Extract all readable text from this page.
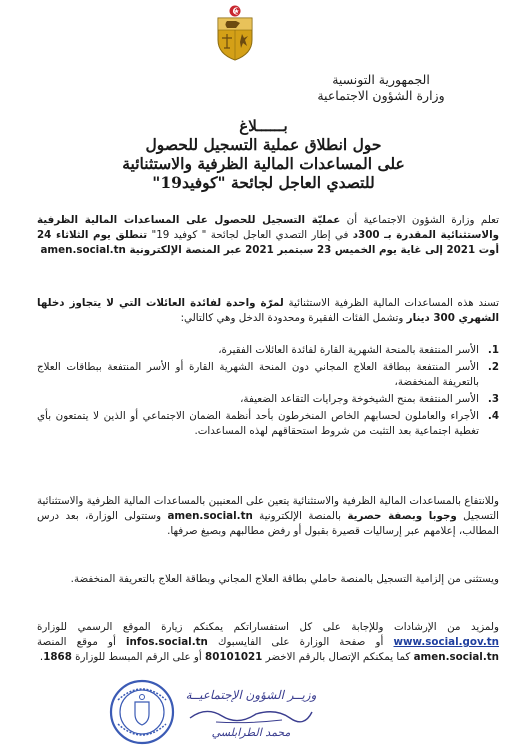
الجمهورية التونسية
وزارة الشؤون الاجتماعية
بــــــلاغ
حول انطلاق عملية التسجيل للحصول
على المساعدات المالية الظرفية والاستثنائية
للتصدي العاجل لجائحة "كوفيد19"

تعلم وزارة الشؤون الاجتماعية أن عمليّة التسجيل للحصول على المساعدات المالية الظرفية والاستثنائية المقدرة بـ 300د في إطار التصدي العاجل لجائحة " كوفيد 19" تنطلق يوم الثلاثاء 24 أوت 2021 إلى غاية يوم الخميس 23 سبتمبر 2021 عبر المنصة الإلكترونية amen.social.tn

تسند هذه المساعدات المالية الظرفية الاستثنائية لمرّة واحدة لفائدة العائلات التي لا يتجاوز دخلها الشهري 300 دينار وتشمل الفئات الفقيرة ومحدودة الدخل وهي كالتالي:

1.
الأسر المنتفعة بالمنحة الشهرية القارة لفائدة العائلات الفقيرة،
2.
الأسر المنتفعة ببطاقة العلاج المجاني دون المنحة الشهرية القارة أو الأسر المنتفعة ببطاقات العلاج بالتعريفة المنخفضة،
3.
الأسر المنتفعة بمنح الشيخوخة وجرايات التقاعد الضعيفة،
4.
الأجراء والعاملون لحسابهم الخاص المنخرطون بأحد أنظمة الضمان الاجتماعي أو الذين لا يتمتعون بأي تغطية اجتماعية بعد التثبت من شروط استحقاقهم لهذه المساعدات.

وللانتفاع بالمساعدات المالية الظرفية والاستثنائية يتعين على المعنيين بالمساعدات المالية الظرفية والاستثنائية التسجيل وجوبا وبصفة حصرية بالمنصة الإلكترونية amen.social.tn وستتولى الوزارة، بعد درس المطالب، إعلامهم عبر إرساليات قصيرة بقبول أو رفض مطالبهم وبصيغ صرفها.

ويستثنى من إلزامية التسجيل بالمنصة حاملي بطاقة العلاج المجاني وبطاقة العلاج بالتعريفة المنخفضة.

ولمزيد من الإرشادات وللإجابة على كل استفساراتكم يمكنكم زيارة الموقع الرسمي للوزارة www.social.gov.tn أو صفحة الوزارة على الفايسبوك infos.social.tn أو موقع المنصة amen.social.tn كما يمكنكم الإتصال بالرقم الاخضر 80101021 أو على الرقم المبسط للوزارة 1868.

وزيــر الشؤون الإجتماعيــة
محمد الطرابلسي
